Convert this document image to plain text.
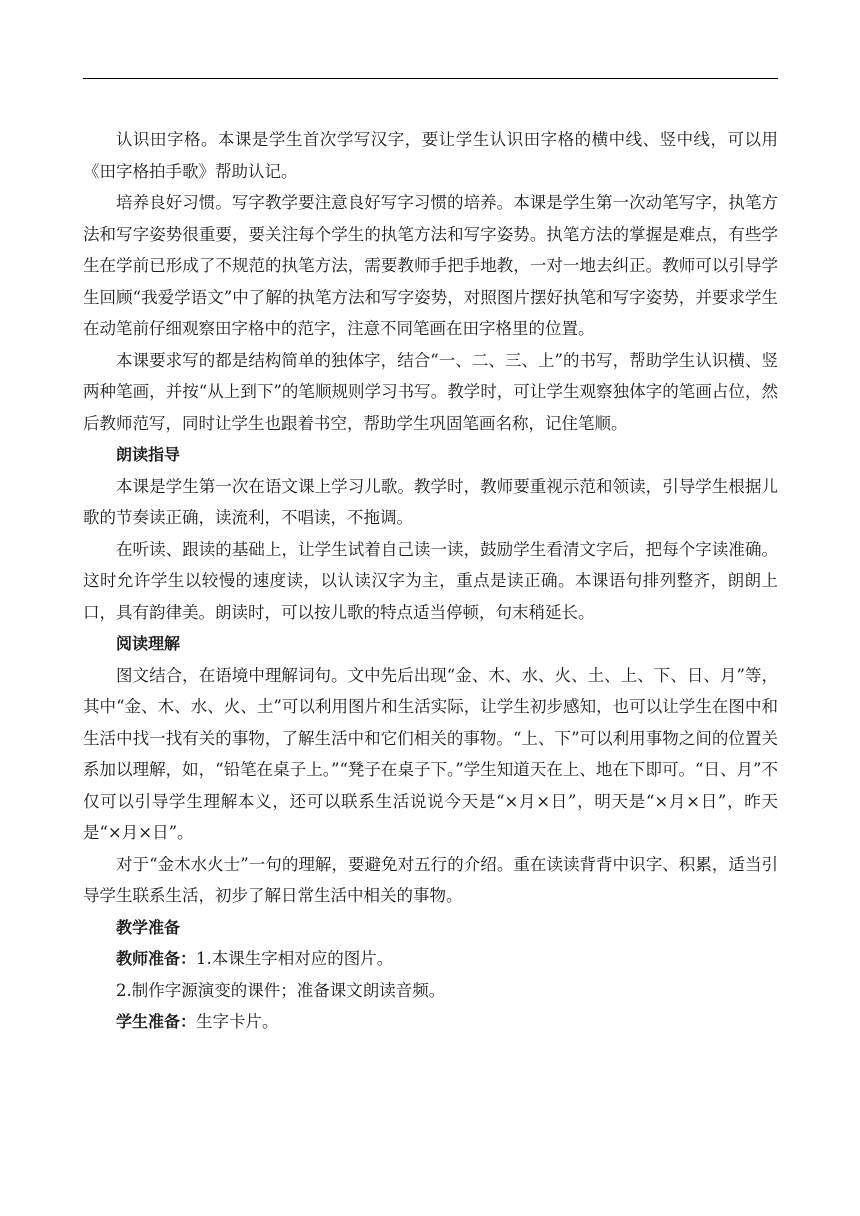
认识田字格。本课是学生首次学写汉字，要让学生认识田字格的横中线、竖中线，可以用《田字格拍手歌》帮助认记。

培养良好习惯。写字教学要注意良好写字习惯的培养。本课是学生第一次动笔写字，执笔方法和写字姿势很重要，要关注每个学生的执笔方法和写字姿势。执笔方法的掌握是难点，有些学生在学前已形成了不规范的执笔方法，需要教师手把手地教，一对一地去纠正。教师可以引导学生回顾“我爱学语文”中了解的执笔方法和写字姿势，对照图片摆好执笔和写字姿势，并要求学生在动笔前仔细观察田字格中的范字，注意不同笔画在田字格里的位置。

本课要求写的都是结构简单的独体字，结合“一、二、三、上”的书写，帮助学生认识横、竖两种笔画，并按“从上到下”的笔顺规则学习书写。教学时，可让学生观察独体字的笔画占位，然后教师范写，同时让学生也跟着书空，帮助学生巩固笔画名称，记住笔顺。

朗读指导

本课是学生第一次在语文课上学习儿歌。教学时，教师要重视示范和领读，引导学生根据儿歌的节奏读正确，读流利，不唱读，不拖调。

在听读、跟读的基础上，让学生试着自己读一读，鼓励学生看清文字后，把每个字读准确。这时允许学生以较慢的速度读，以认读汉字为主，重点是读正确。本课语句排列整齐，朗朗上口，具有韵律美。朗读时，可以按儿歌的特点适当停顿，句末稍延长。

阅读理解

图文结合，在语境中理解词句。文中先后出现“金、木、水、火、土、上、下、日、月”等，其中“金、木、水、火、土”可以利用图片和生活实际，让学生初步感知，也可以让学生在图中和生活中找一找有关的事物，了解生活中和它们相关的事物。“上、下”可以利用事物之间的位置关系加以理解，如，“铅笔在桌子上。”“凳子在桌子下。”学生知道天在上、地在下即可。“日、月”不仅可以引导学生理解本义，还可以联系生活说说今天是“×月×日”，明天是“×月×日”，昨天是“×月×日”。

对于“金木水火士”一句的理解，要避免对五行的介绍。重在读读背背中识字、积累，适当引导学生联系生活，初步了解日常生活中相关的事物。

教学准备

教师准备：1.本课生字相对应的图片。

2.制作字源演变的课件；准备课文朗读音频。

学生准备：生字卡片。
